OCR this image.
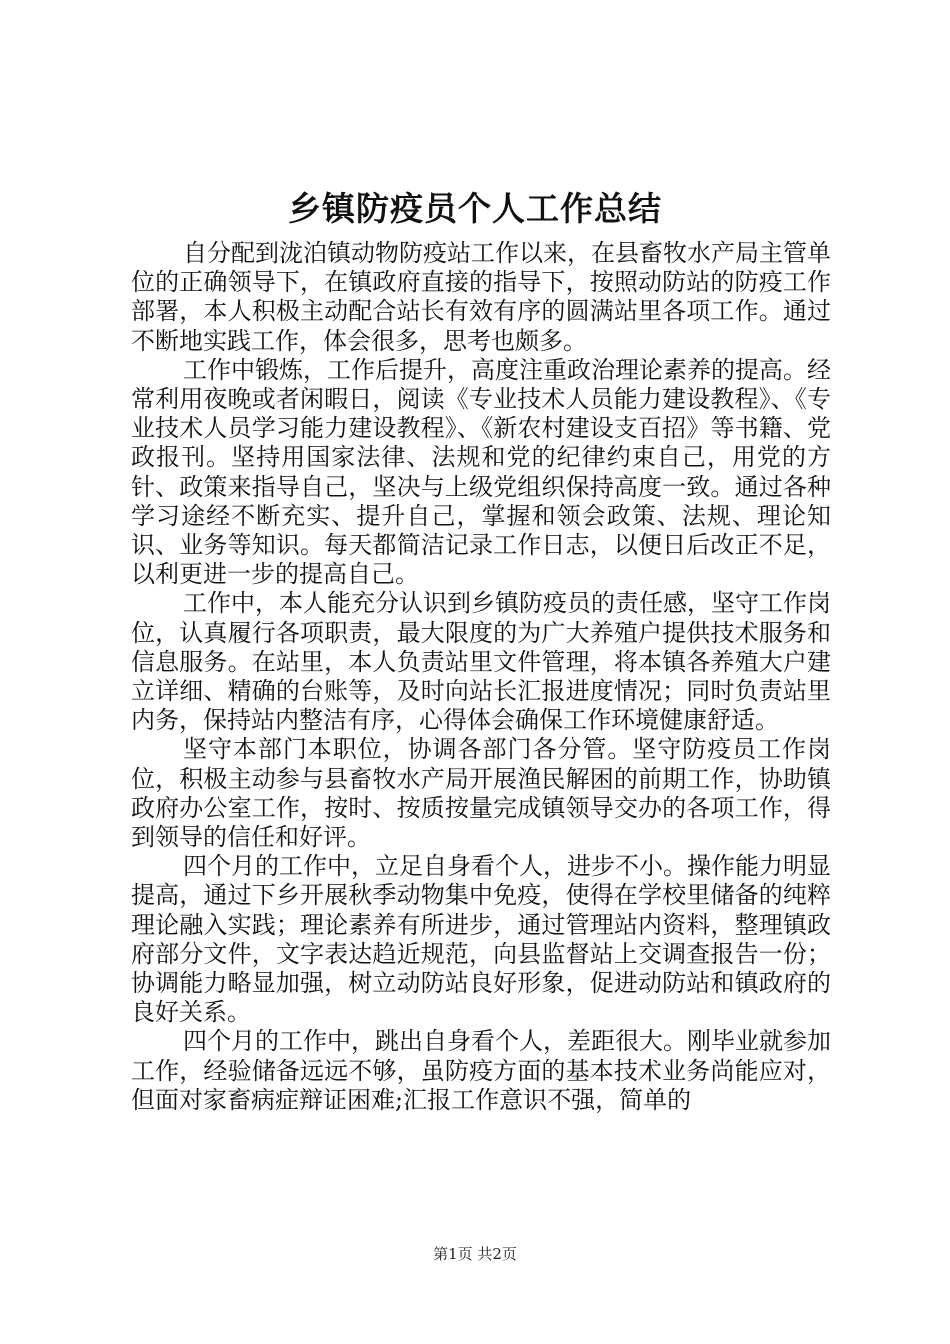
乡镇防疫员个人工作总结

自分配到泷泊镇动物防疫站工作以来，在县畜牧水产局主管单位的正确领导下，在镇政府直接的指导下，按照动防站的防疫工作部署，本人积极主动配合站长有效有序的圆满站里各项工作。通过不断地实践工作，体会很多，思考也颇多。

工作中锻炼，工作后提升，高度注重政治理论素养的提高。经常利用夜晚或者闲暇日，阅读《专业技术人员能力建设教程》、《专业技术人员学习能力建设教程》、《新农村建设支百招》等书籍、党政报刊。坚持用国家法律、法规和党的纪律约束自己，用党的方针、政策来指导自己，坚决与上级党组织保持高度一致。通过各种学习途经不断充实、提升自己，掌握和领会政策、法规、理论知识、业务等知识。每天都简洁记录工作日志，以便日后改正不足，以利更进一步的提高自己。

工作中，本人能充分认识到乡镇防疫员的责任感，坚守工作岗位，认真履行各项职责，最大限度的为广大养殖户提供技术服务和信息服务。在站里，本人负责站里文件管理，将本镇各养殖大户建立详细、精确的台账等，及时向站长汇报进度情况；同时负责站里内务，保持站内整洁有序，心得体会确保工作环境健康舒适。

坚守本部门本职位，协调各部门各分管。坚守防疫员工作岗位，积极主动参与县畜牧水产局开展渔民解困的前期工作，协助镇政府办公室工作，按时、按质按量完成镇领导交办的各项工作，得到领导的信任和好评。

四个月的工作中，立足自身看个人，进步不小。操作能力明显提高，通过下乡开展秋季动物集中免疫，使得在学校里储备的纯粹理论融入实践；理论素养有所进步，通过管理站内资料，整理镇政府部分文件，文字表达趋近规范，向县监督站上交调查报告一份；协调能力略显加强，树立动防站良好形象，促进动防站和镇政府的良好关系。

四个月的工作中，跳出自身看个人，差距很大。刚毕业就参加工作，经验储备远远不够，虽防疫方面的基本技术业务尚能应对，但面对家畜病症辩证困难;汇报工作意识不强，简单的

第1页 共2页
